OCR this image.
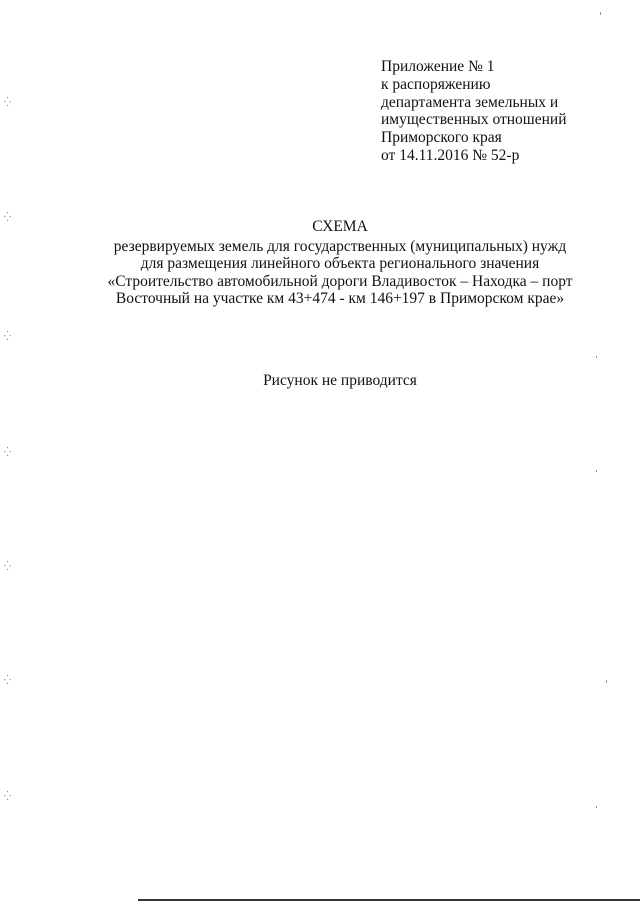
Приложение № 1
к распоряжению
департамента земельных и
имущественных отношений
Приморского края
от 14.11.2016 № 52-р
СХЕМА
резервируемых земель для государственных (муниципальных) нужд
для размещения линейного объекта регионального значения
«Строительство автомобильной дороги Владивосток – Находка – порт
Восточный на участке км 43+474 - км 146+197 в Приморском крае»
Рисунок не приводится
⁛
⁛
⁛
⁛
⁛
⁛
⁛
